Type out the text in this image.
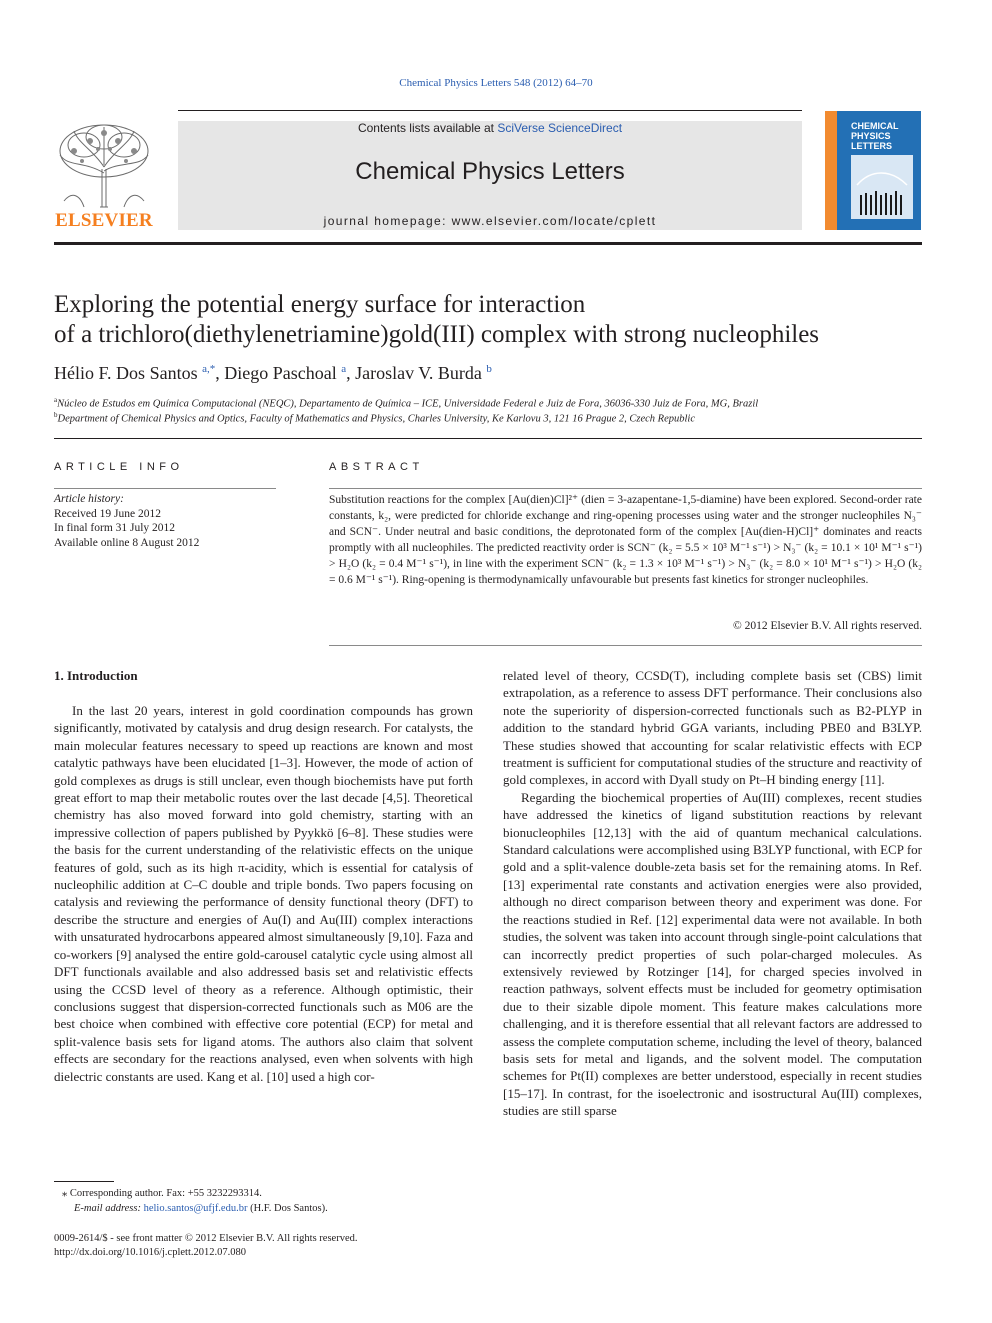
Chemical Physics Letters 548 (2012) 64–70
ELSEVIER
Contents lists available at SciVerse ScienceDirect
Chemical Physics Letters
journal homepage: www.elsevier.com/locate/cplett
CHEMICAL
PHYSICS
LETTERS
Exploring the potential energy surface for interaction
of a trichloro(diethylenetriamine)gold(III) complex with strong nucleophiles
Hélio F. Dos Santos $^{a,*}$, Diego Paschoal $^a$, Jaroslav V. Burda $^b$
$^a$Núcleo de Estudos em Química Computacional (NEQC), Departamento de Química – ICE, Universidade Federal e Juiz de Fora, 36036-330 Juiz de Fora, MG, Brazil
$^b$Department of Chemical Physics and Optics, Faculty of Mathematics and Physics, Charles University, Ke Karlovu 3, 121 16 Prague 2, Czech Republic
ARTICLE INFO
Article history:
Received 19 June 2012
In final form 31 July 2012
Available online 8 August 2012
ABSTRACT
Substitution reactions for the complex [Au(dien)Cl]²⁺ (dien = 3-azapentane-1,5-diamine) have been explored. Second-order rate constants, k₂, were predicted for chloride exchange and ring-opening processes using water and the stronger nucleophiles N₃⁻ and SCN⁻. Under neutral and basic conditions, the deprotonated form of the complex [Au(dien-H)Cl]⁺ dominates and reacts promptly with all nucleophiles. The predicted reactivity order is SCN⁻ (k₂ = 5.5 × 10³ M⁻¹ s⁻¹) > N₃⁻ (k₂ = 10.1 × 10¹ M⁻¹ s⁻¹) > H₂O (k₂ = 0.4 M⁻¹ s⁻¹), in line with the experiment SCN⁻ (k₂ = 1.3 × 10³ M⁻¹ s⁻¹) > N₃⁻ (k₂ = 8.0 × 10¹ M⁻¹ s⁻¹) > H₂O (k₂ = 0.6 M⁻¹ s⁻¹). Ring-opening is thermodynamically unfavourable but presents fast kinetics for stronger nucleophiles.
© 2012 Elsevier B.V. All rights reserved.
1. Introduction

In the last 20 years, interest in gold coordination compounds has grown significantly, motivated by catalysis and drug design research. For catalysts, the main molecular features necessary to speed up reactions are known and most catalytic pathways have been elucidated [1–3]. However, the mode of action of gold complexes as drugs is still unclear, even though biochemists have put forth great effort to map their metabolic routes over the last decade [4,5]. Theoretical chemistry has also moved forward into gold chemistry, starting with an impressive collection of papers published by Pyykkö [6–8]. These studies were the basis for the current understanding of the relativistic effects on the unique features of gold, such as its high π-acidity, which is essential for catalysis of nucleophilic addition at C–C double and triple bonds. Two papers focusing on catalysis and reviewing the performance of density functional theory (DFT) to describe the structure and energies of Au(I) and Au(III) complex interactions with unsaturated hydrocarbons appeared almost simultaneously [9,10]. Faza and co-workers [9] analysed the entire gold-carousel catalytic cycle using almost all DFT functionals available and also addressed basis set and relativistic effects using the CCSD level of theory as a reference. Although optimistic, their conclusions suggest that dispersion-corrected functionals such as M06 are the best choice when combined with effective core potential (ECP) for metal and split-valence basis sets for ligand atoms. The authors also claim that solvent effects are secondary for the reactions analysed, even when solvents with high dielectric constants are used. Kang et al. [10] used a high cor-

related level of theory, CCSD(T), including complete basis set (CBS) limit extrapolation, as a reference to assess DFT performance. Their conclusions also note the superiority of dispersion-corrected functionals such as B2-PLYP in addition to the standard hybrid GGA variants, including PBE0 and B3LYP. These studies showed that accounting for scalar relativistic effects with ECP treatment is sufficient for computational studies of the structure and reactivity of gold complexes, in accord with Dyall study on Pt–H binding energy [11].

Regarding the biochemical properties of Au(III) complexes, recent studies have addressed the kinetics of ligand substitution reactions by relevant bionucleophiles [12,13] with the aid of quantum mechanical calculations. Standard calculations were accomplished using B3LYP functional, with ECP for gold and a split-valence double-zeta basis set for the remaining atoms. In Ref. [13] experimental rate constants and activation energies were also provided, although no direct comparison between theory and experiment was done. For the reactions studied in Ref. [12] experimental data were not available. In both studies, the solvent was taken into account through single-point calculations that can incorrectly predict properties of such polar-charged molecules. As extensively reviewed by Rotzinger [14], for charged species involved in reaction pathways, solvent effects must be included for geometry optimisation due to their sizable dipole moment. This feature makes calculations more challenging, and it is therefore essential that all relevant factors are addressed to assess the complete computation scheme, including the level of theory, balanced basis sets for metal and ligands, and the solvent model. The computation schemes for Pt(II) complexes are better understood, especially in recent studies [15–17]. In contrast, for the isoelectronic and isostructural Au(III) complexes, studies are still sparse

⁎ Corresponding author. Fax: +55 3232293314.
E-mail address: helio.santos@ufjf.edu.br (H.F. Dos Santos).
0009-2614/$ - see front matter © 2012 Elsevier B.V. All rights reserved.
http://dx.doi.org/10.1016/j.cplett.2012.07.080
